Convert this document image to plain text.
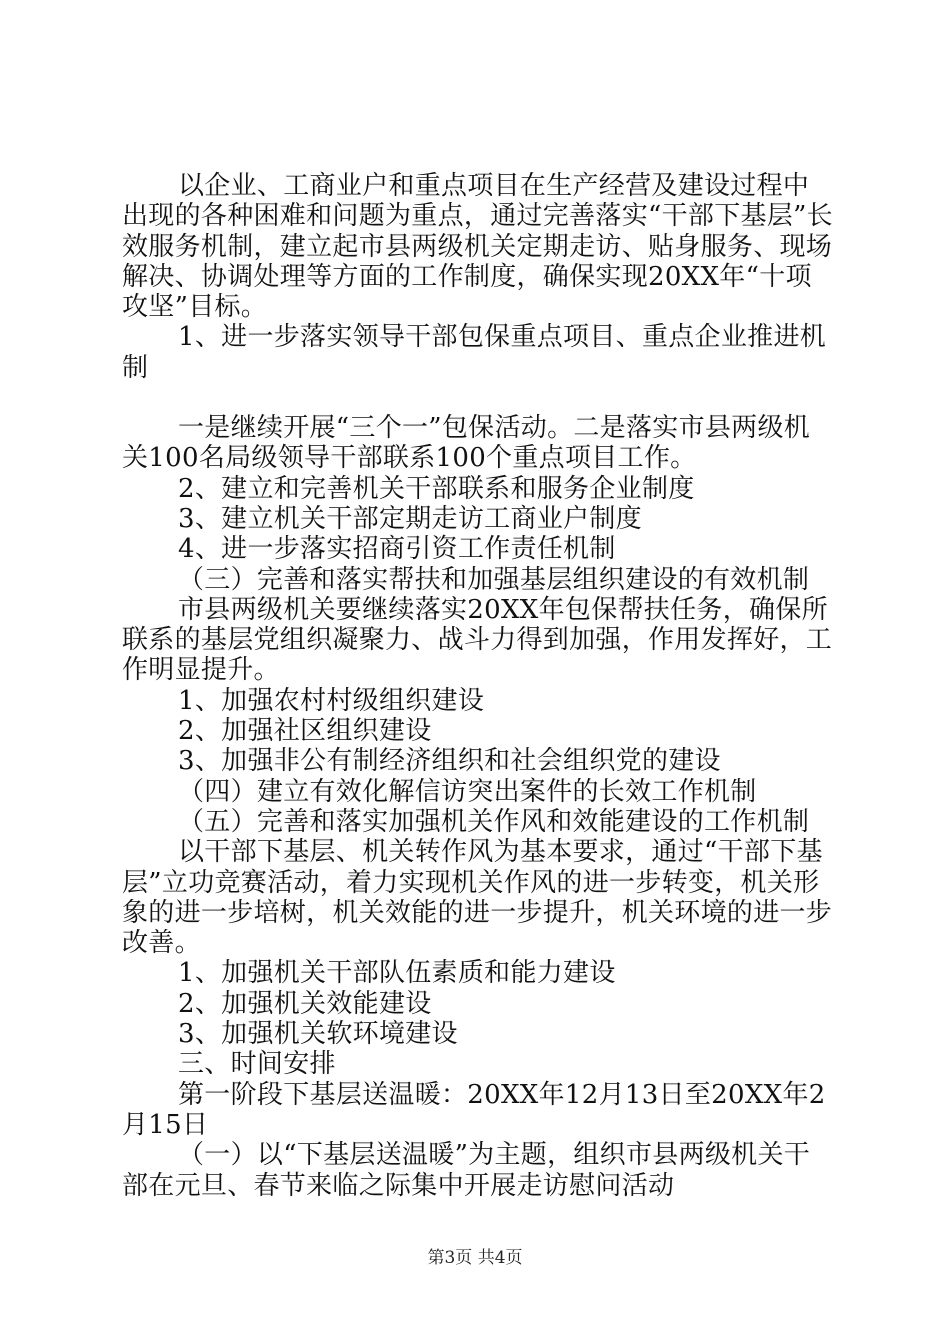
以企业、工商业户和重点项目在生产经营及建设过程中出现的各种困难和问题为重点，通过完善落实“干部下基层”长效服务机制，建立起市县两级机关定期走访、贴身服务、现场解决、协调处理等方面的工作制度，确保实现20XX年“十项攻坚”目标。

1、进一步落实领导干部包保重点项目、重点企业推进机制

一是继续开展“三个一”包保活动。二是落实市县两级机关100名局级领导干部联系100个重点项目工作。

2、建立和完善机关干部联系和服务企业制度

3、建立机关干部定期走访工商业户制度

4、进一步落实招商引资工作责任机制

（三）完善和落实帮扶和加强基层组织建设的有效机制

市县两级机关要继续落实20XX年包保帮扶任务，确保所联系的基层党组织凝聚力、战斗力得到加强，作用发挥好，工作明显提升。

1、加强农村村级组织建设

2、加强社区组织建设

3、加强非公有制经济组织和社会组织党的建设

（四）建立有效化解信访突出案件的长效工作机制

（五）完善和落实加强机关作风和效能建设的工作机制

以干部下基层、机关转作风为基本要求，通过“干部下基层”立功竞赛活动，着力实现机关作风的进一步转变，机关形象的进一步培树，机关效能的进一步提升，机关环境的进一步改善。

1、加强机关干部队伍素质和能力建设

2、加强机关效能建设

3、加强机关软环境建设

三、时间安排

第一阶段下基层送温暖：20XX年12月13日至20XX年2月15日

（一）以“下基层送温暖”为主题，组织市县两级机关干部在元旦、春节来临之际集中开展走访慰问活动

第3页 共4页
